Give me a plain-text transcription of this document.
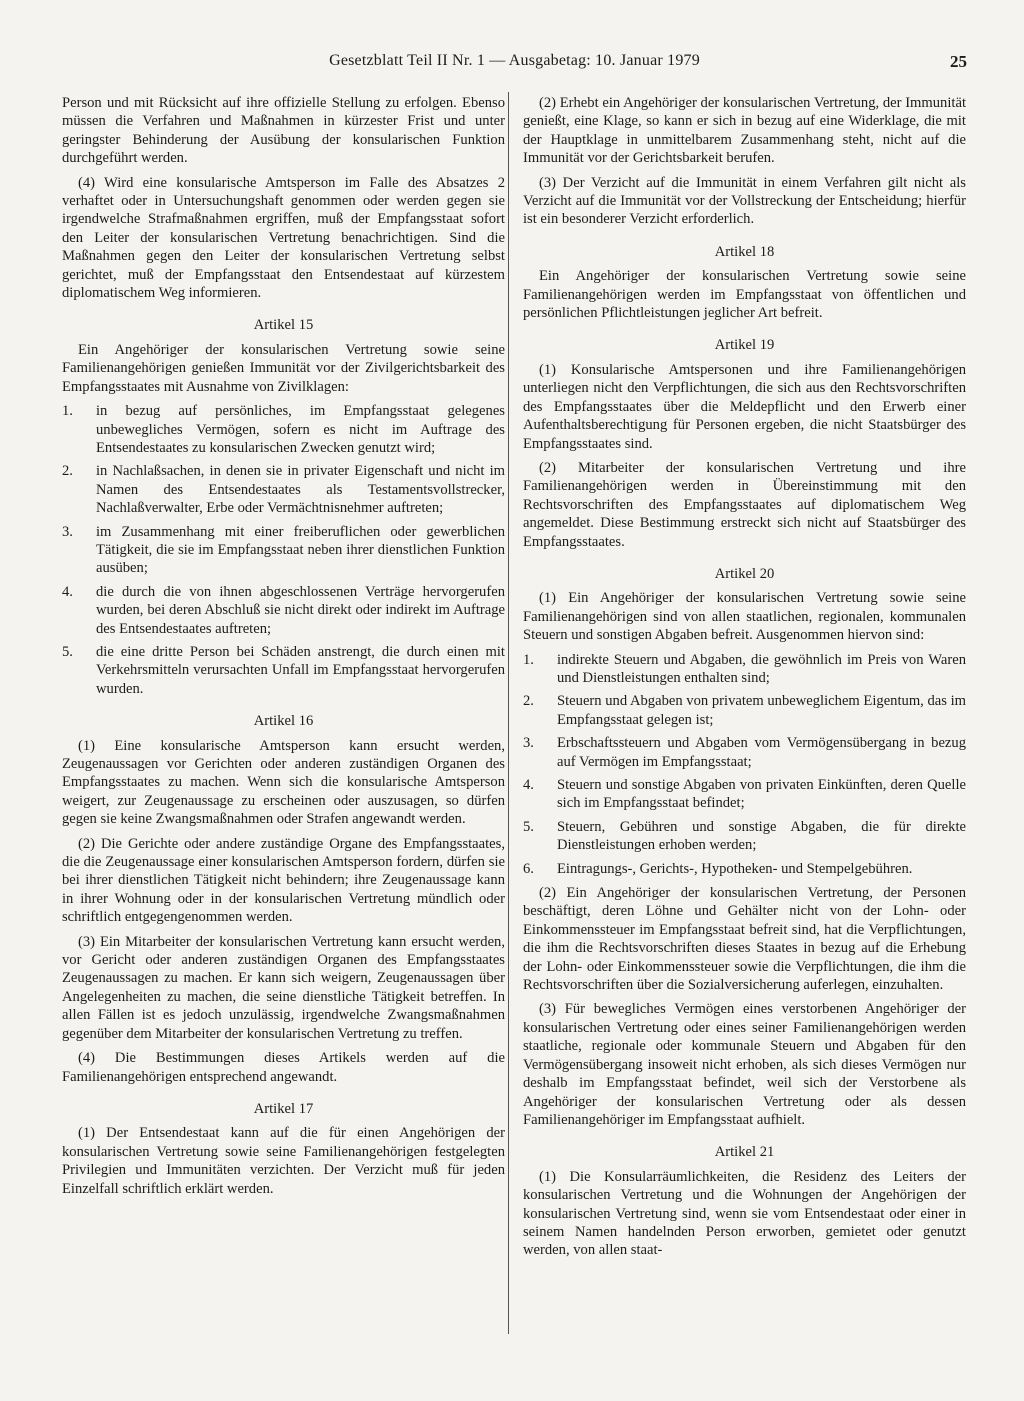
Gesetzblatt Teil II Nr. 1 — Ausgabetag: 10. Januar 1979	25

Person und mit Rücksicht auf ihre offizielle Stellung zu erfolgen. Ebenso müssen die Verfahren und Maßnahmen in kürzester Frist und unter geringster Behinderung der Ausübung der konsularischen Funktion durchgeführt werden.

(4) Wird eine konsularische Amtsperson im Falle des Absatzes 2 verhaftet oder in Untersuchungshaft genommen oder werden gegen sie irgendwelche Strafmaßnahmen ergriffen, muß der Empfangsstaat sofort den Leiter der konsularischen Vertretung benachrichtigen. Sind die Maßnahmen gegen den Leiter der konsularischen Vertretung selbst gerichtet, muß der Empfangsstaat den Entsendestaat auf kürzestem diplomatischem Weg informieren.

Artikel 15

Ein Angehöriger der konsularischen Vertretung sowie seine Familienangehörigen genießen Immunität vor der Zivilgerichtsbarkeit des Empfangsstaates mit Ausnahme von Zivilklagen:

1. in bezug auf persönliches, im Empfangsstaat gelegenes unbewegliches Vermögen, sofern es nicht im Auftrage des Entsendestaates zu konsularischen Zwecken genutzt wird;
2. in Nachlaßsachen, in denen sie in privater Eigenschaft und nicht im Namen des Entsendestaates als Testamentsvollstrecker, Nachlaßverwalter, Erbe oder Vermächtnisnehmer auftreten;
3. im Zusammenhang mit einer freiberuflichen oder gewerblichen Tätigkeit, die sie im Empfangsstaat neben ihrer dienstlichen Funktion ausüben;
4. die durch die von ihnen abgeschlossenen Verträge hervorgerufen wurden, bei deren Abschluß sie nicht direkt oder indirekt im Auftrage des Entsendestaates auftreten;
5. die eine dritte Person bei Schäden anstrengt, die durch einen mit Verkehrsmitteln verursachten Unfall im Empfangsstaat hervorgerufen wurden.
Artikel 16

(1) Eine konsularische Amtsperson kann ersucht werden, Zeugenaussagen vor Gerichten oder anderen zuständigen Organen des Empfangsstaates zu machen. Wenn sich die konsularische Amtsperson weigert, zur Zeugenaussage zu erscheinen oder auszusagen, so dürfen gegen sie keine Zwangsmaßnahmen oder Strafen angewandt werden.

(2) Die Gerichte oder andere zuständige Organe des Empfangsstaates, die die Zeugenaussage einer konsularischen Amtsperson fordern, dürfen sie bei ihrer dienstlichen Tätigkeit nicht behindern; ihre Zeugenaussage kann in ihrer Wohnung oder in der konsularischen Vertretung mündlich oder schriftlich entgegengenommen werden.

(3) Ein Mitarbeiter der konsularischen Vertretung kann ersucht werden, vor Gericht oder anderen zuständigen Organen des Empfangsstaates Zeugenaussagen zu machen. Er kann sich weigern, Zeugenaussagen über Angelegenheiten zu machen, die seine dienstliche Tätigkeit betreffen. In allen Fällen ist es jedoch unzulässig, irgendwelche Zwangsmaßnahmen gegenüber dem Mitarbeiter der konsularischen Vertretung zu treffen.

(4) Die Bestimmungen dieses Artikels werden auf die Familienangehörigen entsprechend angewandt.

Artikel 17

(1) Der Entsendestaat kann auf die für einen Angehörigen der konsularischen Vertretung sowie seine Familienangehörigen festgelegten Privilegien und Immunitäten verzichten. Der Verzicht muß für jeden Einzelfall schriftlich erklärt werden.

(2) Erhebt ein Angehöriger der konsularischen Vertretung, der Immunität genießt, eine Klage, so kann er sich in bezug auf eine Widerklage, die mit der Hauptklage in unmittelbarem Zusammenhang steht, nicht auf die Immunität vor der Gerichtsbarkeit berufen.

(3) Der Verzicht auf die Immunität in einem Verfahren gilt nicht als Verzicht auf die Immunität vor der Vollstreckung der Entscheidung; hierfür ist ein besonderer Verzicht erforderlich.

Artikel 18

Ein Angehöriger der konsularischen Vertretung sowie seine Familienangehörigen werden im Empfangsstaat von öffentlichen und persönlichen Pflichtleistungen jeglicher Art befreit.

Artikel 19

(1) Konsularische Amtspersonen und ihre Familienangehörigen unterliegen nicht den Verpflichtungen, die sich aus den Rechtsvorschriften des Empfangsstaates über die Meldepflicht und den Erwerb einer Aufenthaltsberechtigung für Personen ergeben, die nicht Staatsbürger des Empfangsstaates sind.

(2) Mitarbeiter der konsularischen Vertretung und ihre Familienangehörigen werden in Übereinstimmung mit den Rechtsvorschriften des Empfangsstaates auf diplomatischem Weg angemeldet. Diese Bestimmung erstreckt sich nicht auf Staatsbürger des Empfangsstaates.

Artikel 20

(1) Ein Angehöriger der konsularischen Vertretung sowie seine Familienangehörigen sind von allen staatlichen, regionalen, kommunalen Steuern und sonstigen Abgaben befreit. Ausgenommen hiervon sind:

1. indirekte Steuern und Abgaben, die gewöhnlich im Preis von Waren und Dienstleistungen enthalten sind;
2. Steuern und Abgaben von privatem unbeweglichem Eigentum, das im Empfangsstaat gelegen ist;
3. Erbschaftssteuern und Abgaben vom Vermögensübergang in bezug auf Vermögen im Empfangsstaat;
4. Steuern und sonstige Abgaben von privaten Einkünften, deren Quelle sich im Empfangsstaat befindet;
5. Steuern, Gebühren und sonstige Abgaben, die für direkte Dienstleistungen erhoben werden;
6. Eintragungs-, Gerichts-, Hypotheken- und Stempelgebühren.

(2) Ein Angehöriger der konsularischen Vertretung, der Personen beschäftigt, deren Löhne und Gehälter nicht von der Lohn- oder Einkommenssteuer im Empfangsstaat befreit sind, hat die Verpflichtungen, die ihm die Rechtsvorschriften dieses Staates in bezug auf die Erhebung der Lohn- oder Einkommenssteuer sowie die Verpflichtungen, die ihm die Rechtsvorschriften über die Sozialversicherung auferlegen, einzuhalten.

(3) Für bewegliches Vermögen eines verstorbenen Angehöriger der konsularischen Vertretung oder eines seiner Familienangehörigen werden staatliche, regionale oder kommunale Steuern und Abgaben für den Vermögensübergang insoweit nicht erhoben, als sich dieses Vermögen nur deshalb im Empfangsstaat befindet, weil sich der Verstorbene als Angehöriger der konsularischen Vertretung oder als dessen Familienangehöriger im Empfangsstaat aufhielt.

Artikel 21

(1) Die Konsularräumlichkeiten, die Residenz des Leiters der konsularischen Vertretung und die Wohnungen der Angehörigen der konsularischen Vertretung sind, wenn sie vom Entsendestaat oder einer in seinem Namen handelnden Person erworben, gemietet oder genutzt werden, von allen staat-
